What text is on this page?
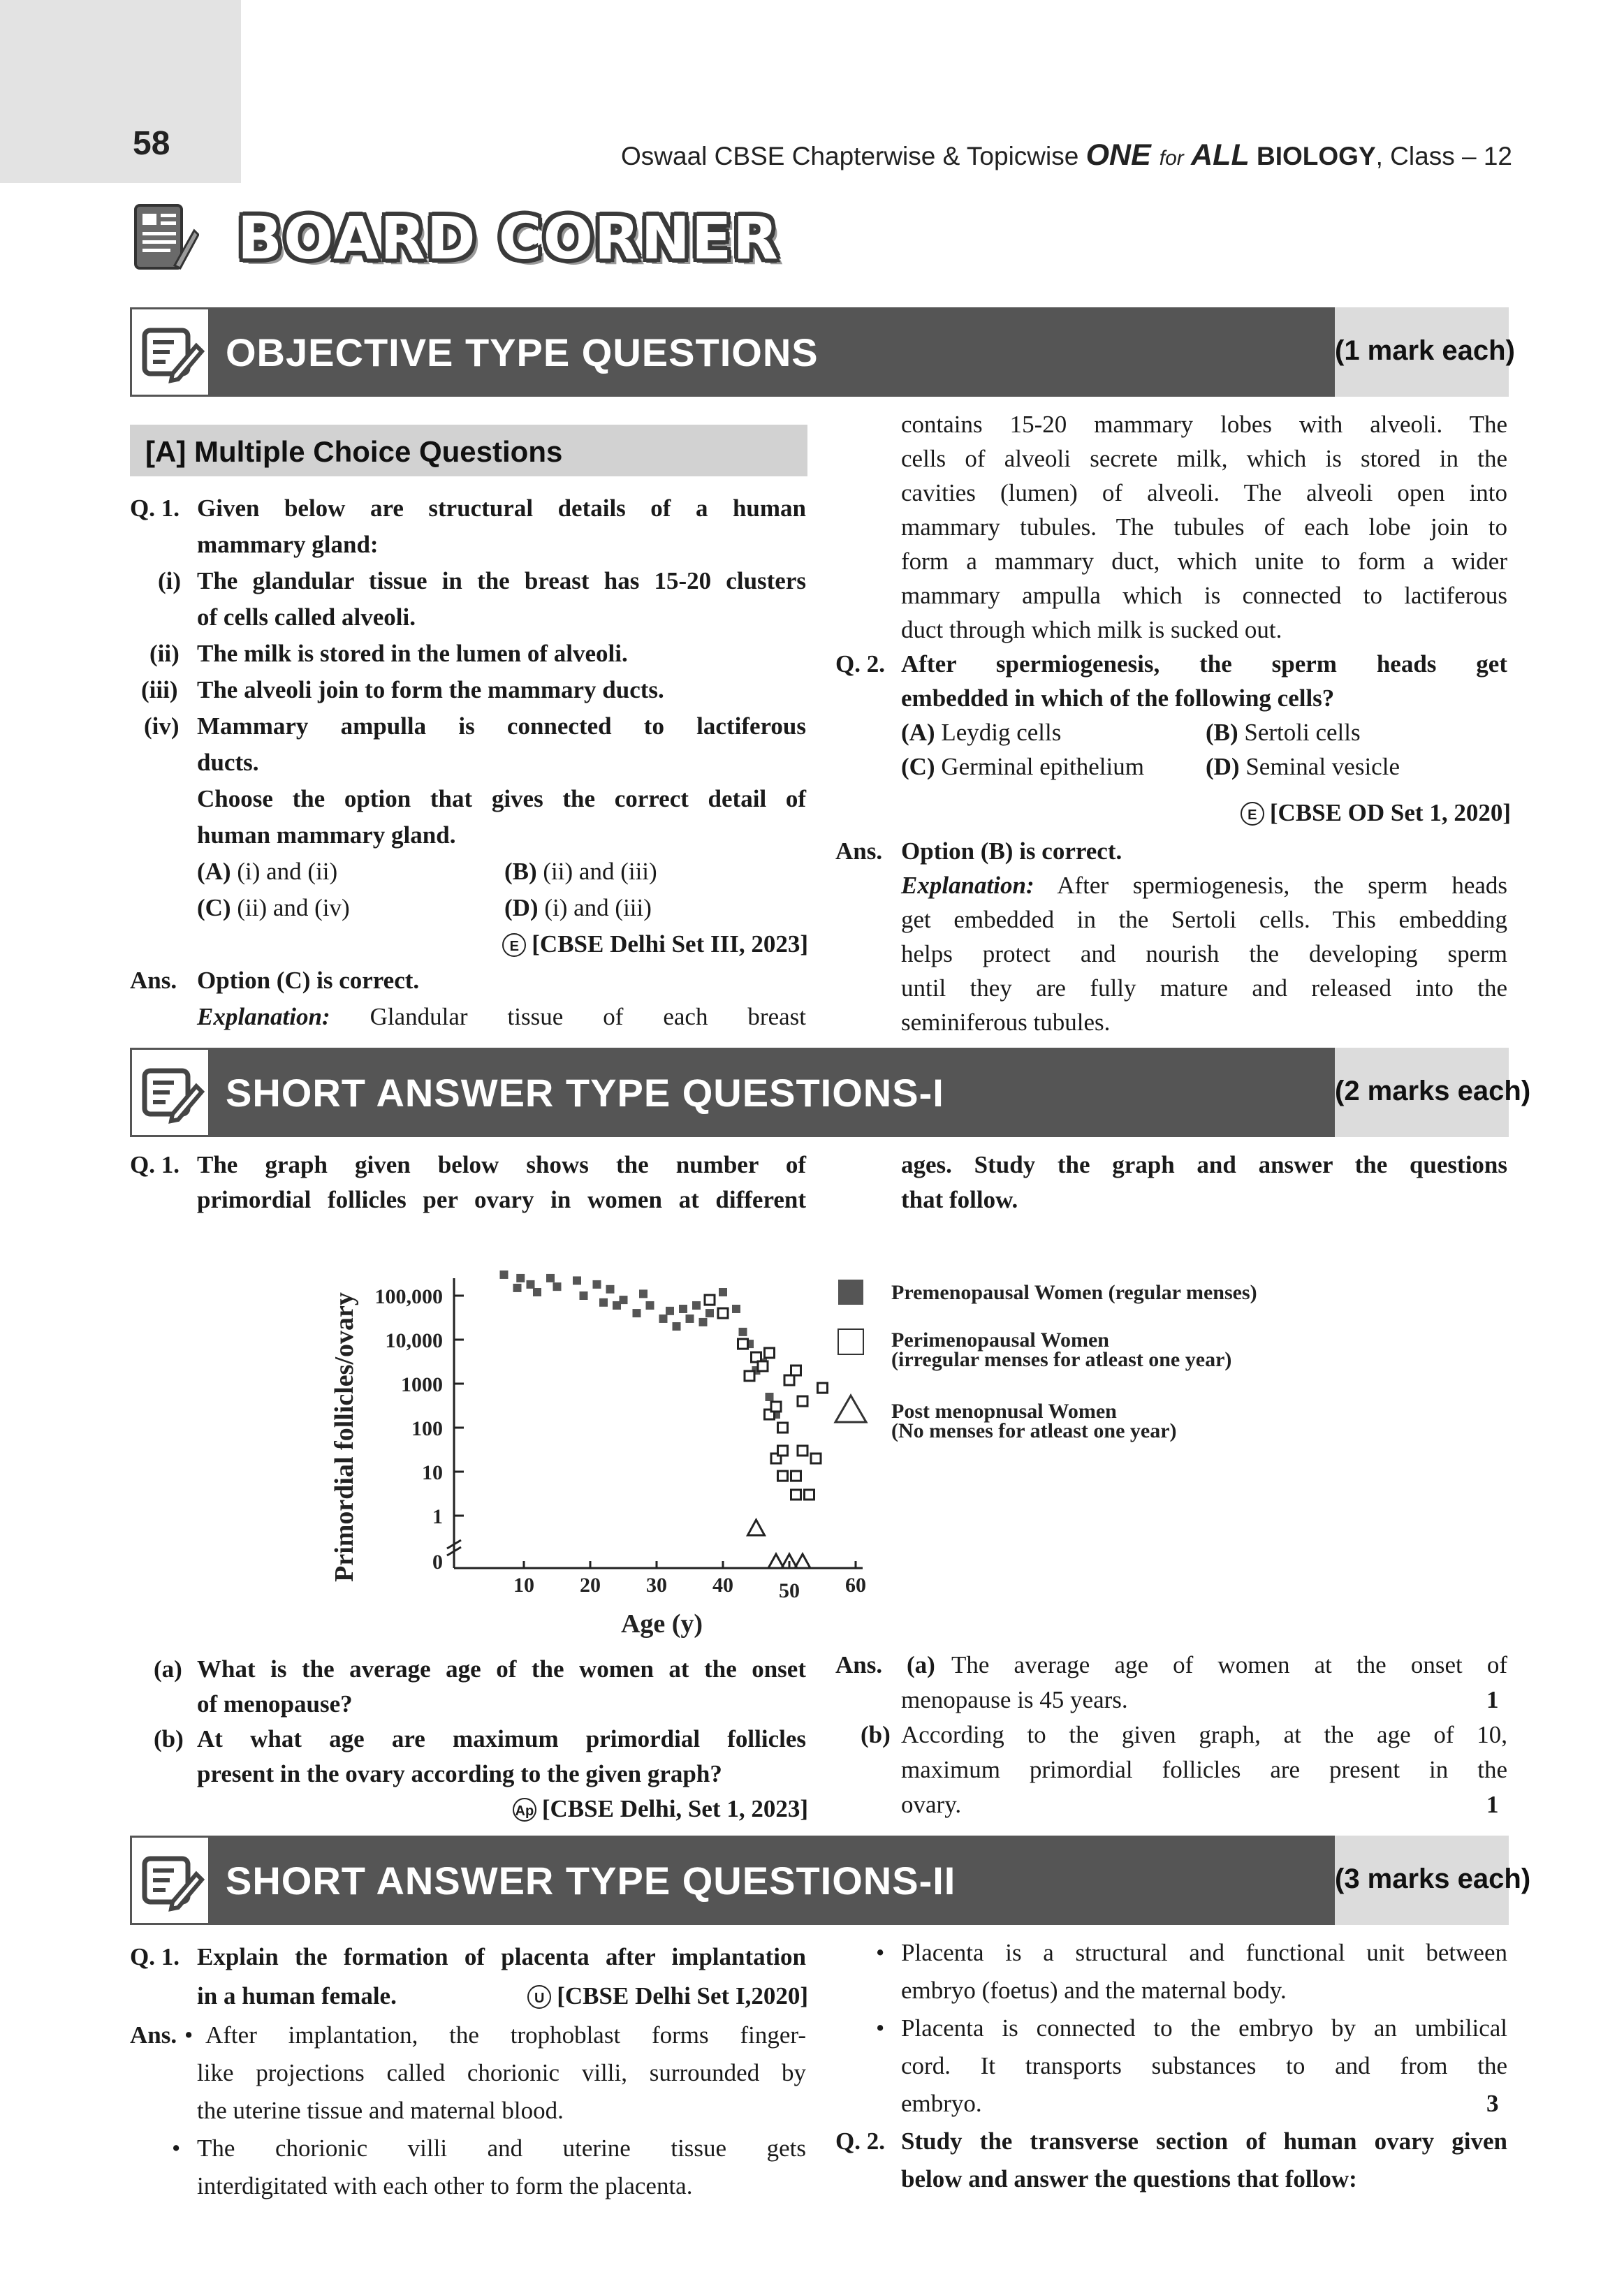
58	Oswaal CBSE Chapterwise & Topicwise ONE for ALL BIOLOGY, Class – 12
BOARD CORNER
OBJECTIVE TYPE QUESTIONS	(1 mark each)
[A] Multiple Choice Questions
Q. 1. Given below are structural details of a human
mammary gland:
(i) The glandular tissue in the breast has 15-20 clusters
of cells called alveoli.
(ii) The milk is stored in the lumen of alveoli.
(iii) The alveoli join to form the mammary ducts.
(iv) Mammary ampulla is connected to lactiferous
ducts.
Choose the option that gives the correct detail of
human mammary gland.
(A) (i) and (ii)	(B) (ii) and (iii)
(C) (ii) and (iv)	(D) (i) and (iii)
E [CBSE Delhi Set III, 2023]
Ans. Option (C) is correct.
Explanation: Glandular tissue of each breast
contains 15-20 mammary lobes with alveoli. The
cells of alveoli secrete milk, which is stored in the
cavities (lumen) of alveoli. The alveoli open into
mammary tubules. The tubules of each lobe join to
form a mammary duct, which unite to form a wider
mammary ampulla which is connected to lactiferous
duct through which milk is sucked out.
Q. 2. After spermiogenesis, the sperm heads get
embedded in which of the following cells?
(A) Leydig cells	(B) Sertoli cells
(C) Germinal epithelium	(D) Seminal vesicle
E [CBSE OD Set 1, 2020]
Ans. Option (B) is correct.
Explanation: After spermiogenesis, the sperm heads
get embedded in the Sertoli cells. This embedding
helps protect and nourish the developing sperm
until they are fully mature and released into the
seminiferous tubules.
SHORT ANSWER TYPE QUESTIONS-I	(2 marks each)
Q. 1. The graph given below shows the number of
primordial follicles per ovary in women at different
ages. Study the graph and answer the questions
that follow.
10 20 30 40 50 60
0
1
10
100
1000
10,000
100,000
Age (y)
Primordial follicles/ovary	Premenopausal Women (regular menses)
Perimenopausal Women
(irregular menses for atleast one year)
Post menopnusal Women
(No menses for atleast one year)
(a) What is the average age of the women at the onset
of menopause?
(b) At what age are maximum primordial follicles
present in the ovary according to the given graph?
Ap [CBSE Delhi, Set 1, 2023]
Ans. (a) The average age of women at the onset of
menopause is 45 years.	1
(b) According to the given graph, at the age of 10,
maximum primordial follicles are present in the
ovary.	1
SHORT ANSWER TYPE QUESTIONS-II	(3 marks each)
Q. 1. Explain the formation of placenta after implantation
in a human female.	U [CBSE Delhi Set I,2020]
Ans. • After implantation, the trophoblast forms finger-
like projections called chorionic villi, surrounded by
the uterine tissue and maternal blood.
• The chorionic villi and uterine tissue gets
interdigitated with each other to form the placenta.
• Placenta is a structural and functional unit between
embryo (foetus) and the maternal body.
• Placenta is connected to the embryo by an umbilical
cord. It transports substances to and from the
embryo.	3
Q. 2. Study the transverse section of human ovary given
below and answer the questions that follow:
